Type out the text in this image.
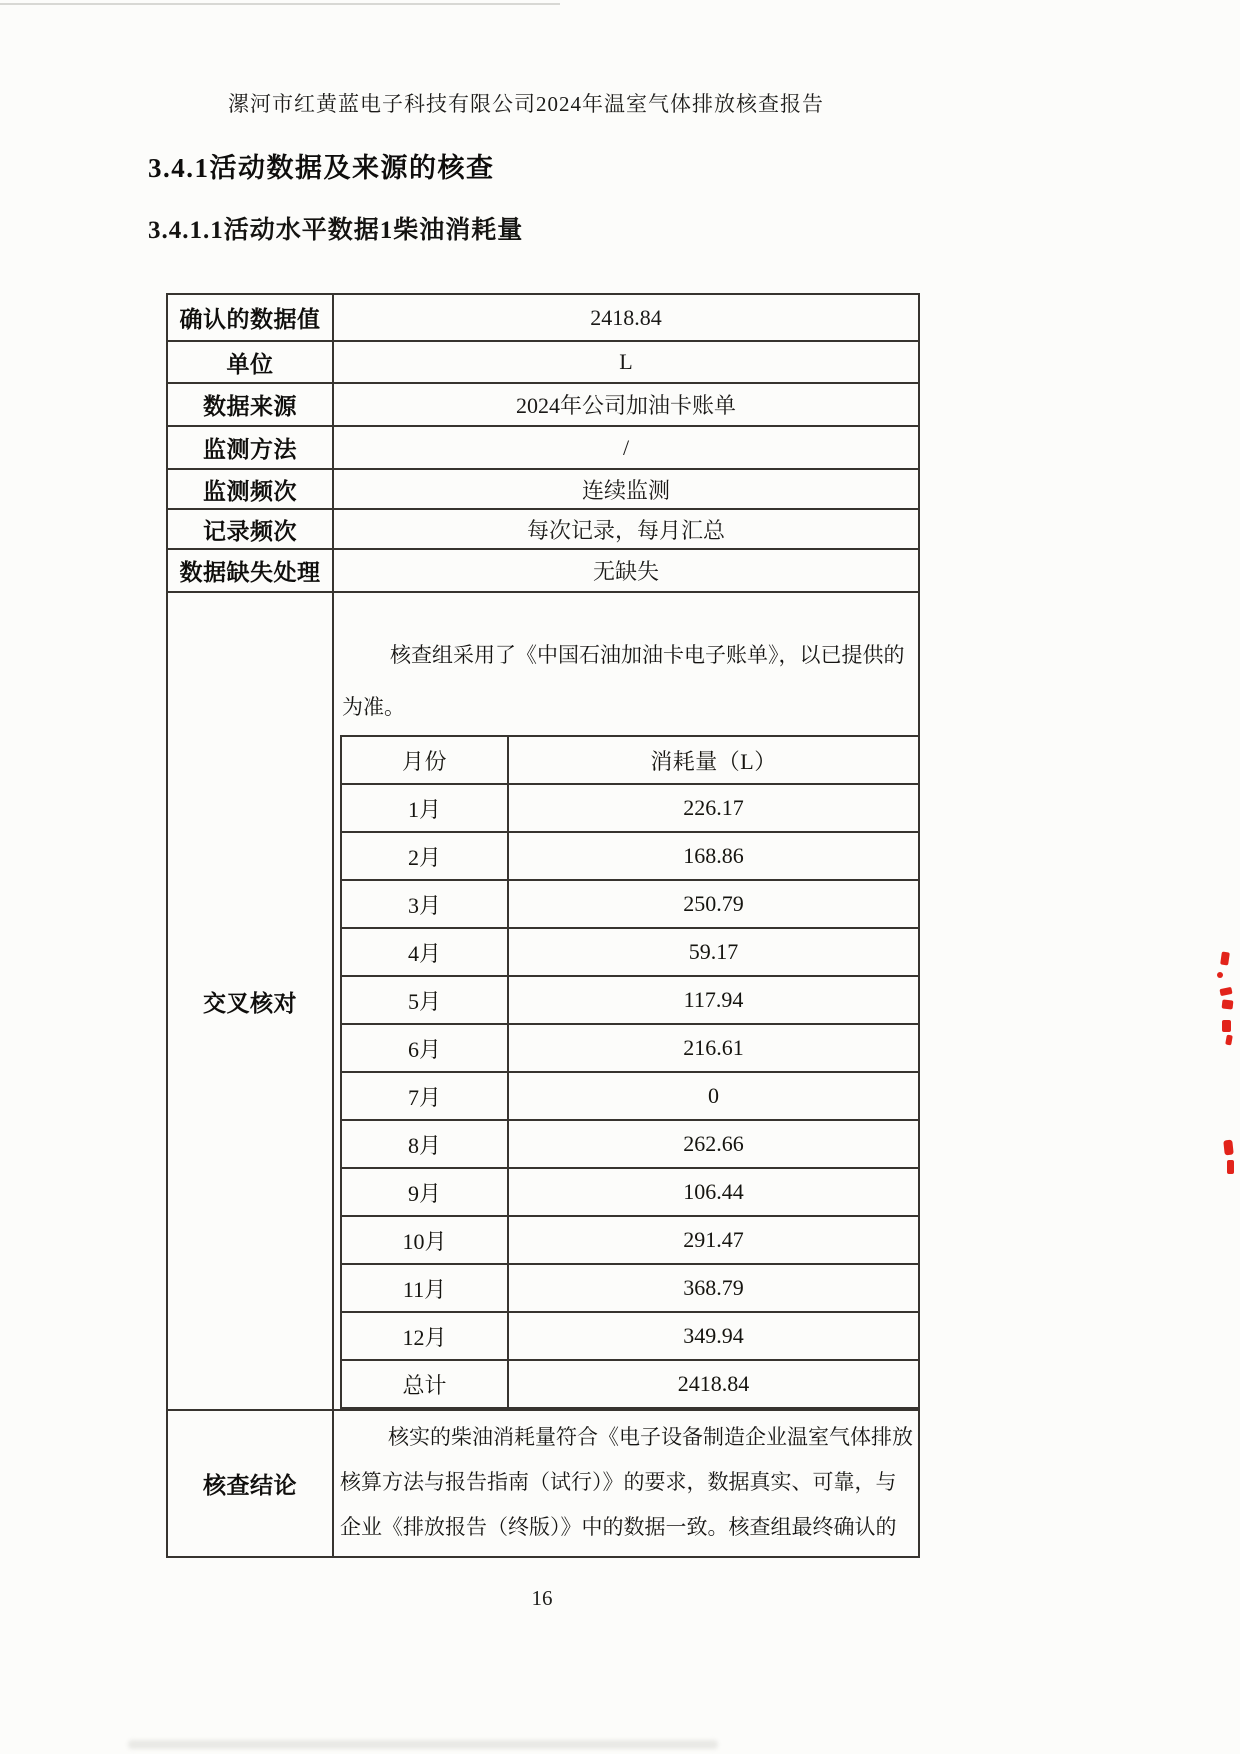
漯河市红黄蓝电子科技有限公司2024年温室气体排放核查报告
3.4.1活动数据及来源的核查
3.4.1.1活动水平数据1柴油消耗量
确认的数据值	2418.84
单位	L
数据来源	2024年公司加油卡账单
监测方法	/
监测频次	连续监测
记录频次	每次记录，每月汇总
数据缺失处理	无缺失
交叉核对	
核查组采用了《中国石油加油卡电子账单》，以已提供的
为准。
月份	消耗量（L）
1月	226.17
2月	168.86
3月	250.79
4月	59.17
5月	117.94
6月	216.61
7月	0
8月	262.66
9月	106.44
10月	291.47
11月	368.79
12月	349.94
总计	2418.84

核查结论	
核实的柴油消耗量符合《电子设备制造企业温室气体排放
核算方法与报告指南（试行）》的要求，数据真实、可靠，与
企业《排放报告（终版）》中的数据一致。核查组最终确认的
16
